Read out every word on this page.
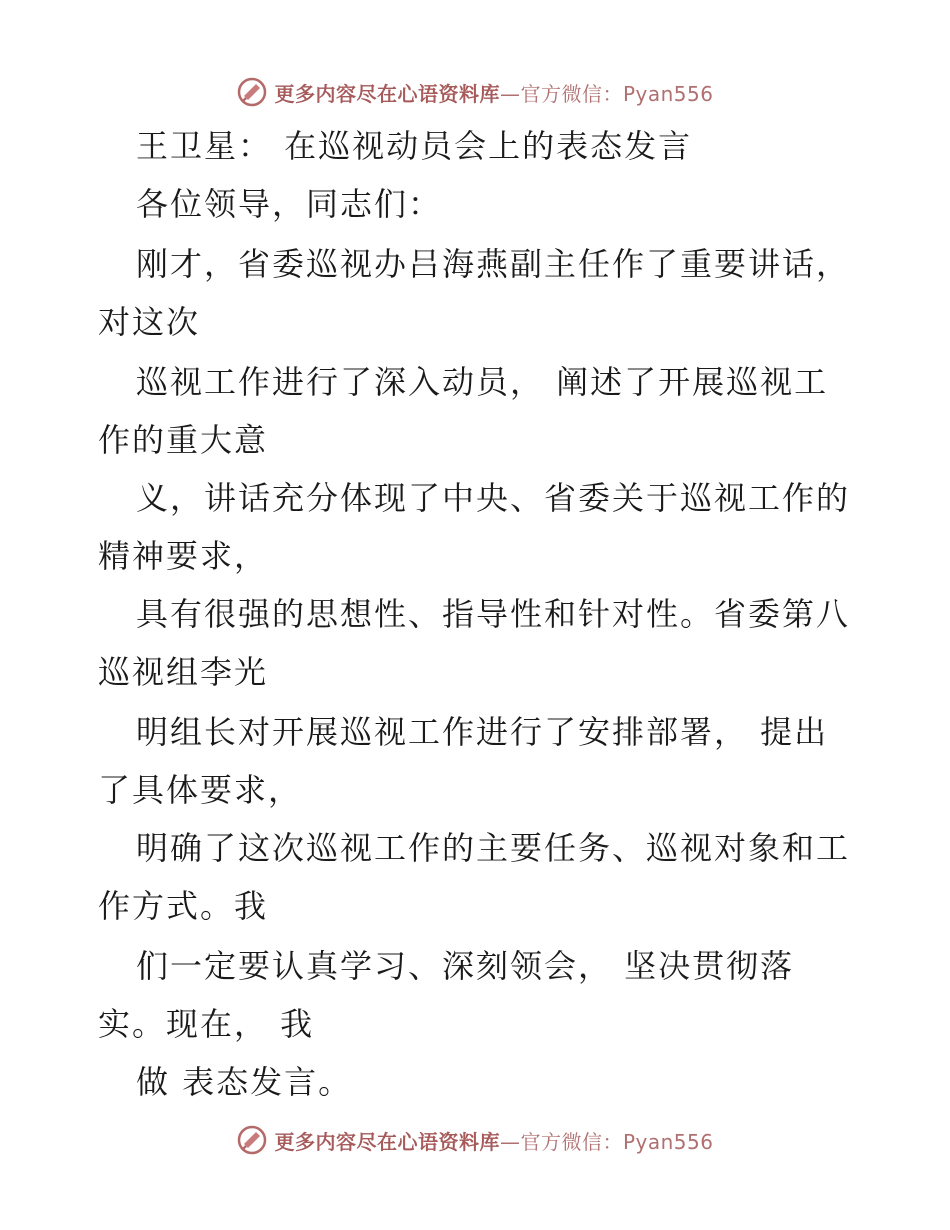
更多内容尽在心语资料库—官方微信：Pyan556
王卫星： 在巡视动员会上的表态发言
各位领导，同志们：
刚才，省委巡视办吕海燕副主任作了重要讲话，
对这次
巡视工作进行了深入动员， 阐述了开展巡视工
作的重大意
义，讲话充分体现了中央、省委关于巡视工作的
精神要求，
具有很强的思想性、指导性和针对性。省委第八
巡视组李光
明组长对开展巡视工作进行了安排部署， 提出
了具体要求，
明确了这次巡视工作的主要任务、巡视对象和工
作方式。我
们一定要认真学习、深刻领会， 坚决贯彻落
实。现在， 我
做 表态发言。
更多内容尽在心语资料库—官方微信：Pyan556
